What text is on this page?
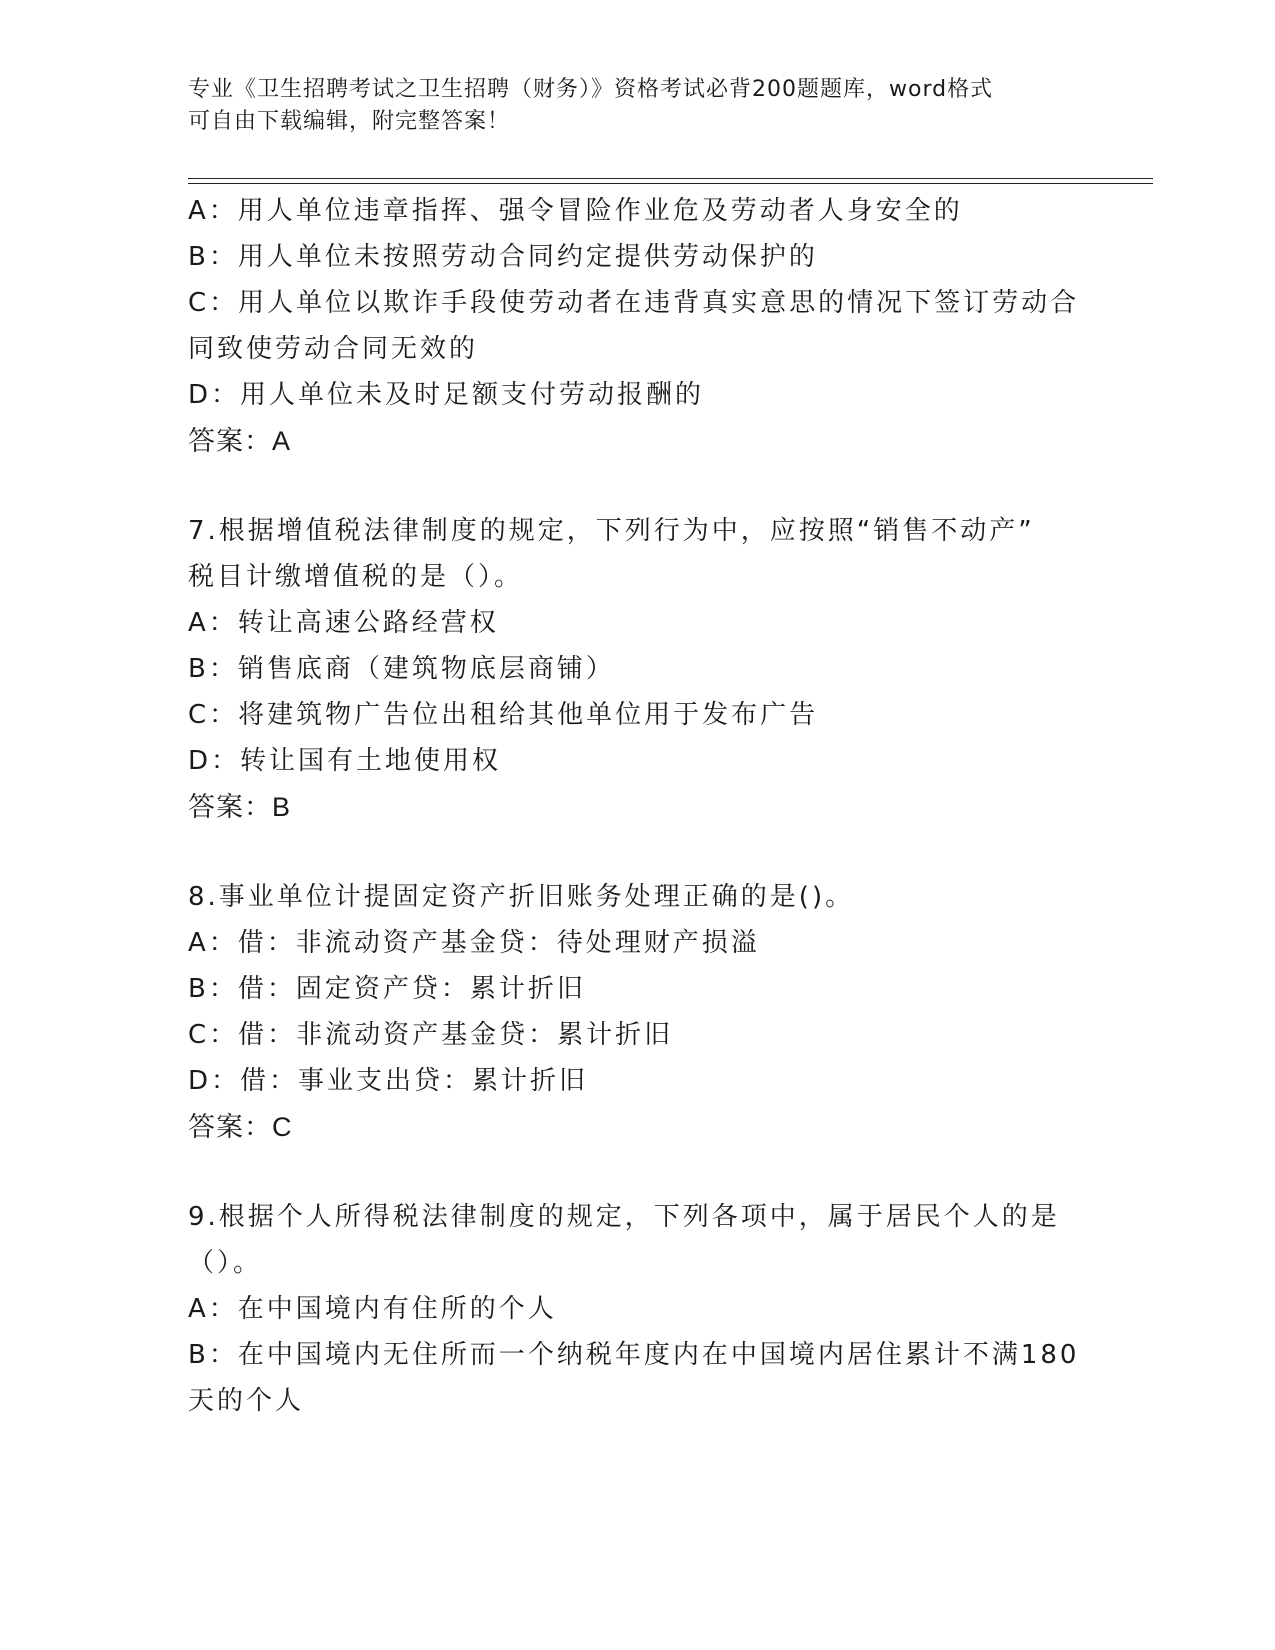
专业《卫生招聘考试之卫生招聘（财务）》资格考试必背200题题库，word格式
可自由下载编辑，附完整答案！
A：用人单位违章指挥、强令冒险作业危及劳动者人身安全的
B：用人单位未按照劳动合同约定提供劳动保护的
C：用人单位以欺诈手段使劳动者在违背真实意思的情况下签订劳动合
同致使劳动合同无效的
D：用人单位未及时足额支付劳动报酬的
答案：A
7.根据增值税法律制度的规定，下列行为中，应按照“销售不动产”
税目计缴增值税的是（）。
A：转让高速公路经营权
B：销售底商（建筑物底层商铺）
C：将建筑物广告位出租给其他单位用于发布广告
D：转让国有土地使用权
答案：B
8.事业单位计提固定资产折旧账务处理正确的是()。
A：借：非流动资产基金贷：待处理财产损溢
B：借：固定资产贷：累计折旧
C：借：非流动资产基金贷：累计折旧
D：借：事业支出贷：累计折旧
答案：C
9.根据个人所得税法律制度的规定，下列各项中，属于居民个人的是
（）。
A：在中国境内有住所的个人
B：在中国境内无住所而一个纳税年度内在中国境内居住累计不满180
天的个人
